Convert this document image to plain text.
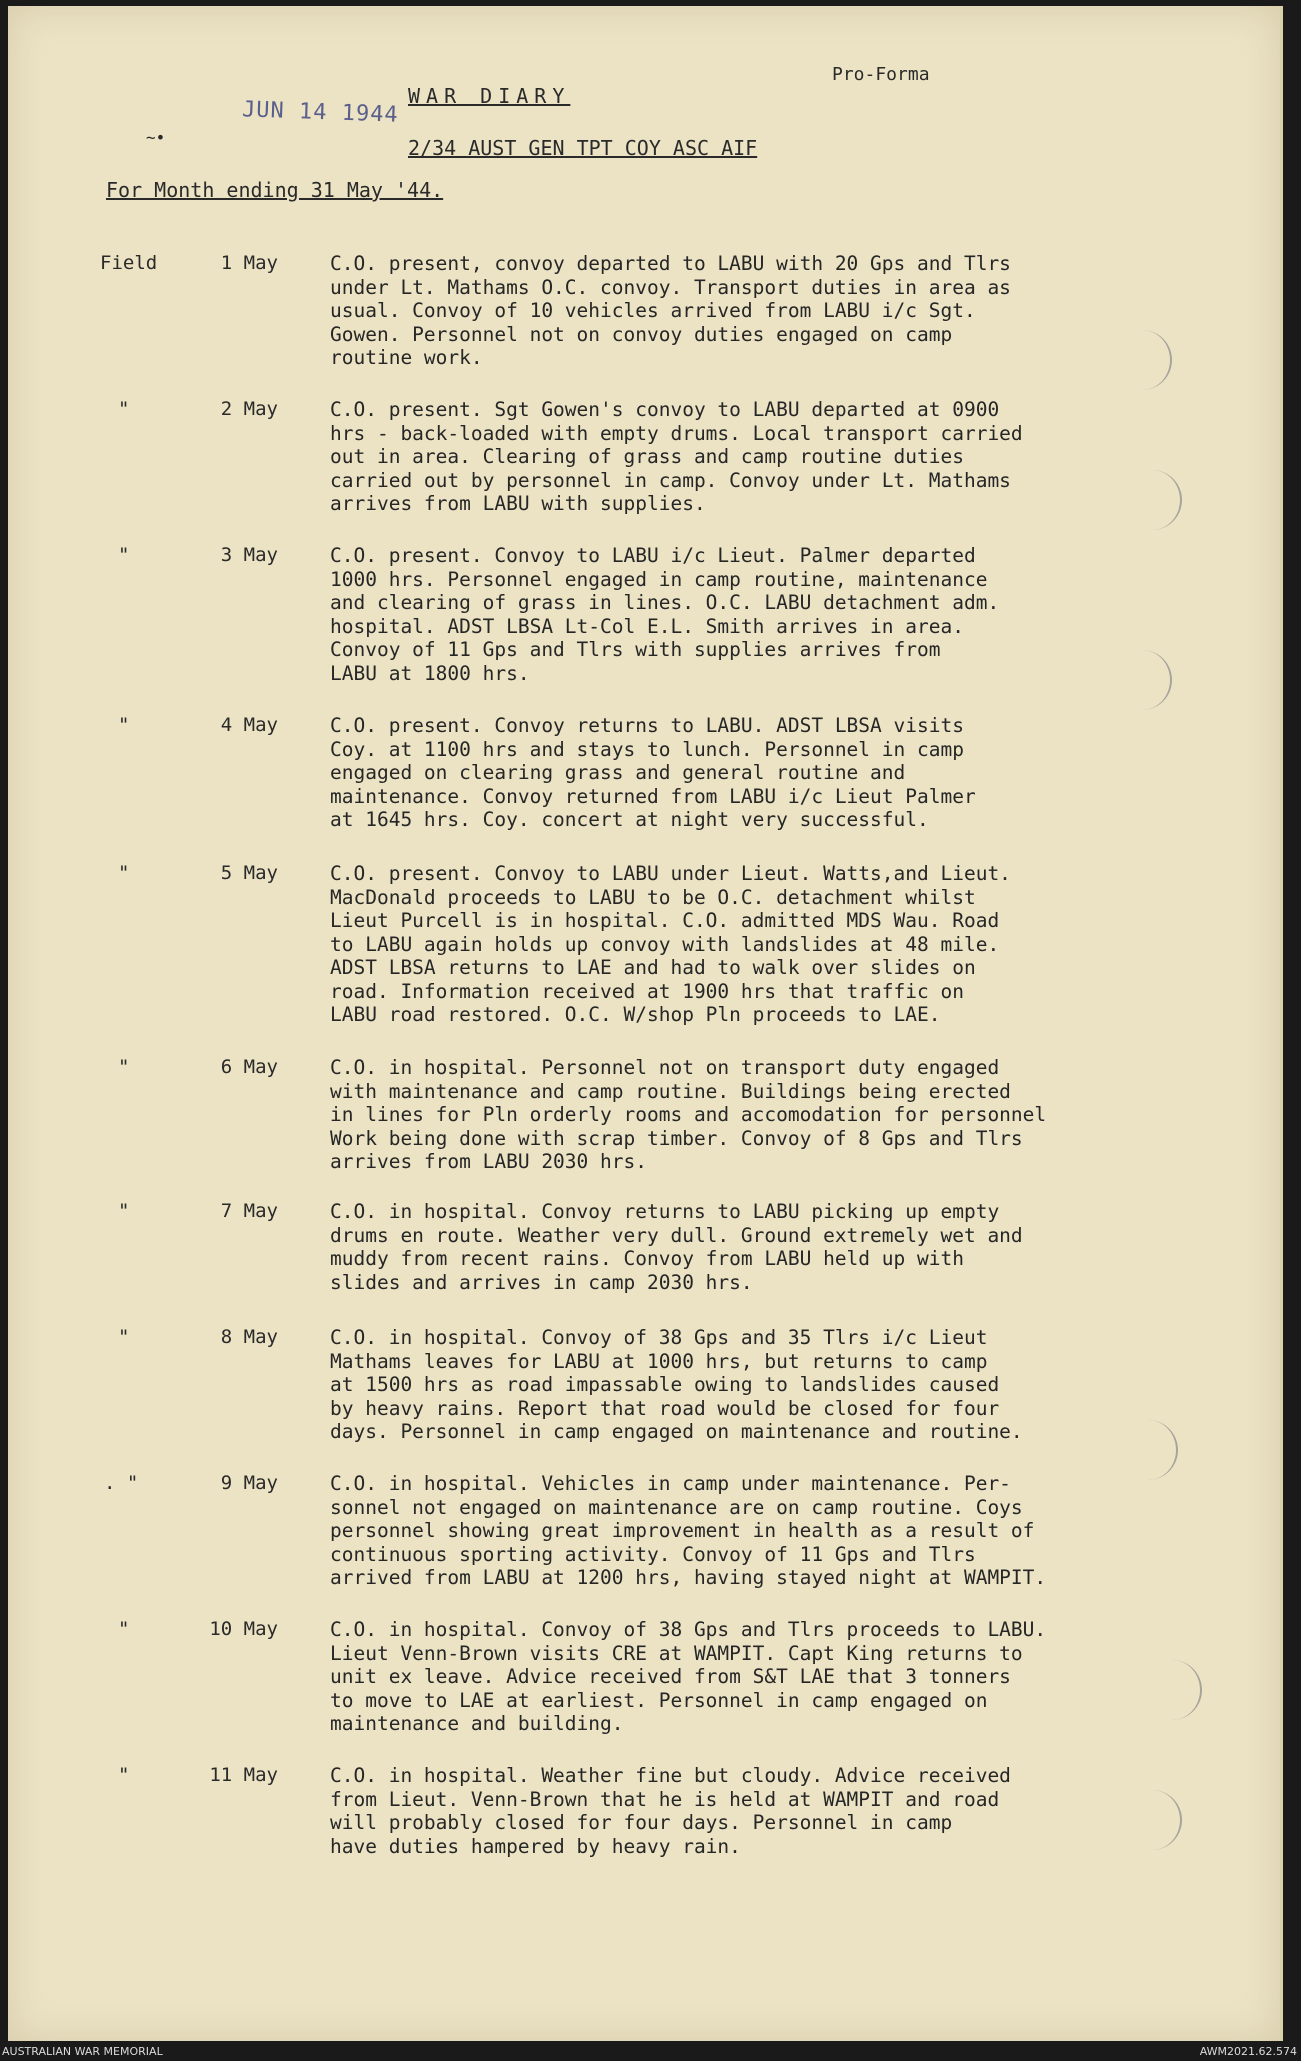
Pro-Forma
JUN 14 1944
~•
WAR DIARY
2/34 AUST GEN TPT COY ASC AIF
For Month ending 31 May '44.
Field	1 May	C.O. present, convoy departed to LABU with 20 Gps and Tlrs
under Lt. Mathams O.C. convoy. Transport duties in area as
usual. Convoy of 10 vehicles arrived from LABU i/c Sgt.
Gowen. Personnel not on convoy duties engaged on camp
routine work.
"	2 May	C.O. present. Sgt Gowen's convoy to LABU departed at 0900
hrs - back-loaded with empty drums. Local transport carried
out in area. Clearing of grass and camp routine duties
carried out by personnel in camp. Convoy under Lt. Mathams
arrives from LABU with supplies.
"	3 May	C.O. present. Convoy to LABU i/c Lieut. Palmer departed
1000 hrs. Personnel engaged in camp routine, maintenance
and clearing of grass in lines. O.C. LABU detachment adm.
hospital. ADST LBSA Lt-Col E.L. Smith arrives in area.
Convoy of 11 Gps and Tlrs with supplies arrives from
LABU at 1800 hrs.
"	4 May	C.O. present. Convoy returns to LABU. ADST LBSA visits
Coy. at 1100 hrs and stays to lunch. Personnel in camp
engaged on clearing grass and general routine and
maintenance. Convoy returned from LABU i/c Lieut Palmer
at 1645 hrs. Coy. concert at night very successful.
"	5 May	C.O. present. Convoy to LABU under Lieut. Watts,and Lieut.
MacDonald proceeds to LABU to be O.C. detachment whilst
Lieut Purcell is in hospital. C.O. admitted MDS Wau. Road
to LABU again holds up convoy with landslides at 48 mile.
ADST LBSA returns to LAE and had to walk over slides on
road. Information received at 1900 hrs that traffic on
LABU road restored. O.C. W/shop Pln proceeds to LAE.
"	6 May	C.O. in hospital. Personnel not on transport duty engaged
with maintenance and camp routine. Buildings being erected
in lines for Pln orderly rooms and accomodation for personnel
Work being done with scrap timber. Convoy of 8 Gps and Tlrs
arrives from LABU 2030 hrs.
"	7 May	C.O. in hospital. Convoy returns to LABU picking up empty
drums en route. Weather very dull. Ground extremely wet and
muddy from recent rains. Convoy from LABU held up with
slides and arrives in camp 2030 hrs.
"	8 May	C.O. in hospital. Convoy of 38 Gps and 35 Tlrs i/c Lieut
Mathams leaves for LABU at 1000 hrs, but returns to camp
at 1500 hrs as road impassable owing to landslides caused
by heavy rains. Report that road would be closed for four
days. Personnel in camp engaged on maintenance and routine.
. "	9 May	C.O. in hospital. Vehicles in camp under maintenance. Per-
sonnel not engaged on maintenance are on camp routine. Coys
personnel showing great improvement in health as a result of
continuous sporting activity. Convoy of 11 Gps and Tlrs
arrived from LABU at 1200 hrs, having stayed night at WAMPIT.
"	10 May	C.O. in hospital. Convoy of 38 Gps and Tlrs proceeds to LABU.
Lieut Venn-Brown visits CRE at WAMPIT. Capt King returns to
unit ex leave. Advice received from S&T LAE that 3 tonners
to move to LAE at earliest. Personnel in camp engaged on
maintenance and building.
"	11 May	C.O. in hospital. Weather fine but cloudy. Advice received
from Lieut. Venn-Brown that he is held at WAMPIT and road
will probably closed for four days. Personnel in camp
have duties hampered by heavy rain.
AUSTRALIAN WAR MEMORIAL	AWM2021.62.574
